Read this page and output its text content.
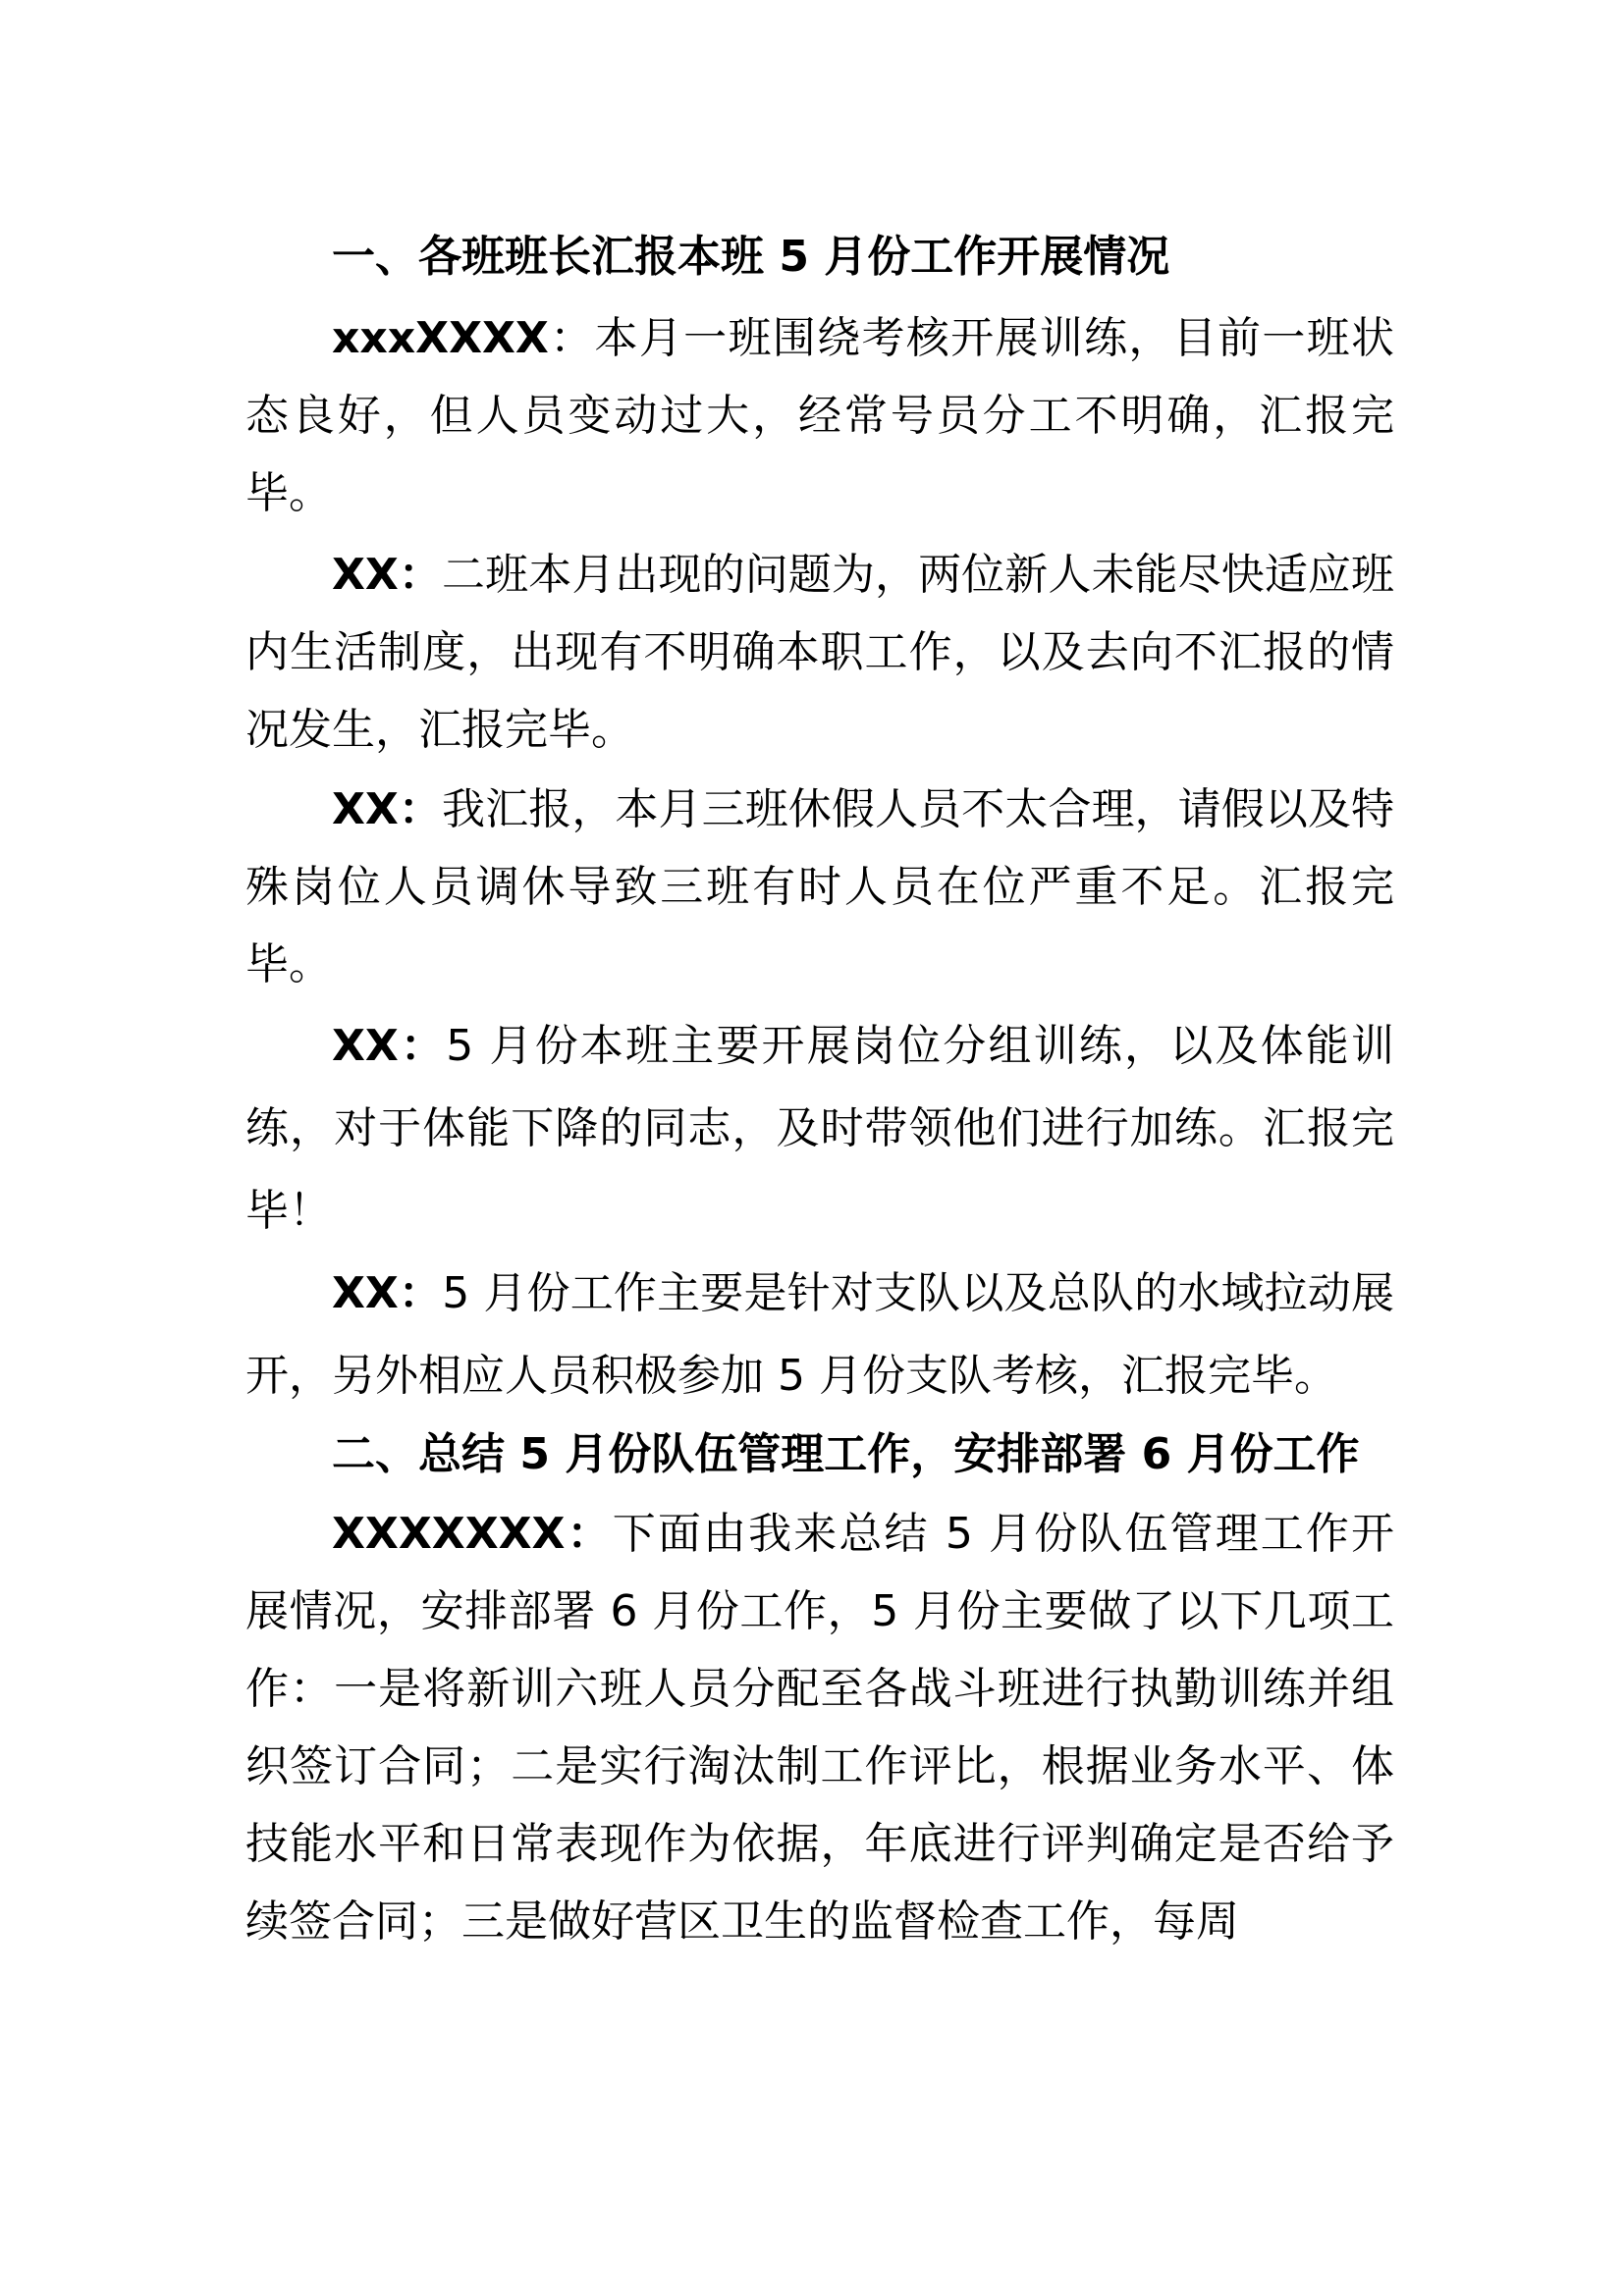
一、各班班长汇报本班 5 月份工作开展情况

xxxXXXX：本月一班围绕考核开展训练，目前一班状态良好，但人员变动过大，经常号员分工不明确，汇报完毕。

XX：二班本月出现的问题为，两位新人未能尽快适应班内生活制度，出现有不明确本职工作，以及去向不汇报的情况发生，汇报完毕。

XX：我汇报，本月三班休假人员不太合理，请假以及特殊岗位人员调休导致三班有时人员在位严重不足。汇报完毕。

XX：5 月份本班主要开展岗位分组训练，以及体能训练，对于体能下降的同志，及时带领他们进行加练。汇报完毕！

XX：5 月份工作主要是针对支队以及总队的水域拉动展开，另外相应人员积极参加 5 月份支队考核，汇报完毕。

二、总结 5 月份队伍管理工作，安排部署 6 月份工作

XXXXXXX：下面由我来总结 5 月份队伍管理工作开展情况，安排部署 6 月份工作，5 月份主要做了以下几项工作：一是将新训六班人员分配至各战斗班进行执勤训练并组织签订合同；二是实行淘汰制工作评比，根据业务水平、体技能水平和日常表现作为依据，年底进行评判确定是否给予续签合同；三是做好营区卫生的监督检查工作，每周
